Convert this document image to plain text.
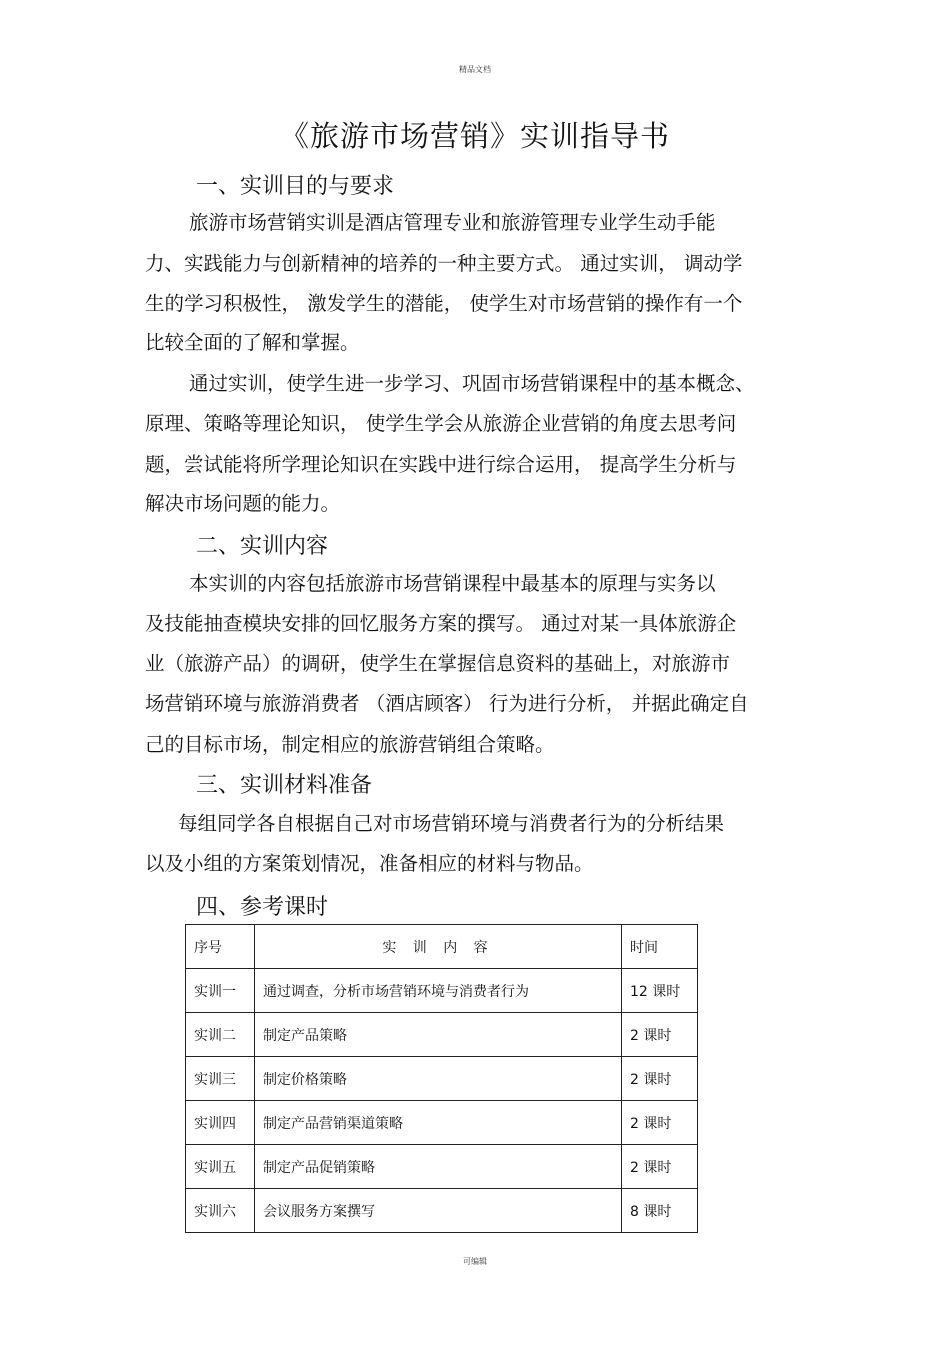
精品文档
《旅游市场营销》实训指导书
一、实训目的与要求
旅游市场营销实训是酒店管理专业和旅游管理专业学生动手能
力、实践能力与创新精神的培养的一种主要方式。 通过实训， 调动学
生的学习积极性， 激发学生的潜能， 使学生对市场营销的操作有一个
比较全面的了解和掌握。
通过实训，使学生进一步学习、巩固市场营销课程中的基本概念、
原理、策略等理论知识， 使学生学会从旅游企业营销的角度去思考问
题，尝试能将所学理论知识在实践中进行综合运用， 提高学生分析与
解决市场问题的能力。
二、实训内容
本实训的内容包括旅游市场营销课程中最基本的原理与实务以
及技能抽查模块安排的回忆服务方案的撰写。 通过对某一具体旅游企
业（旅游产品）的调研，使学生在掌握信息资料的基础上，对旅游市
场营销环境与旅游消费者 （酒店顾客） 行为进行分析， 并据此确定自
己的目标市场，制定相应的旅游营销组合策略。
三、实训材料准备
每组同学各自根据自己对市场营销环境与消费者行为的分析结果
以及小组的方案策划情况，准备相应的材料与物品。
四、参考课时
序号	实 训 内 容	时间
实训一	通过调查，分析市场营销环境与消费者行为	12 课时
实训二	制定产品策略	2 课时
实训三	制定价格策略	2 课时
实训四	制定产品营销渠道策略	2 课时
实训五	制定产品促销策略	2 课时
实训六	会议服务方案撰写	8 课时
可编辑
